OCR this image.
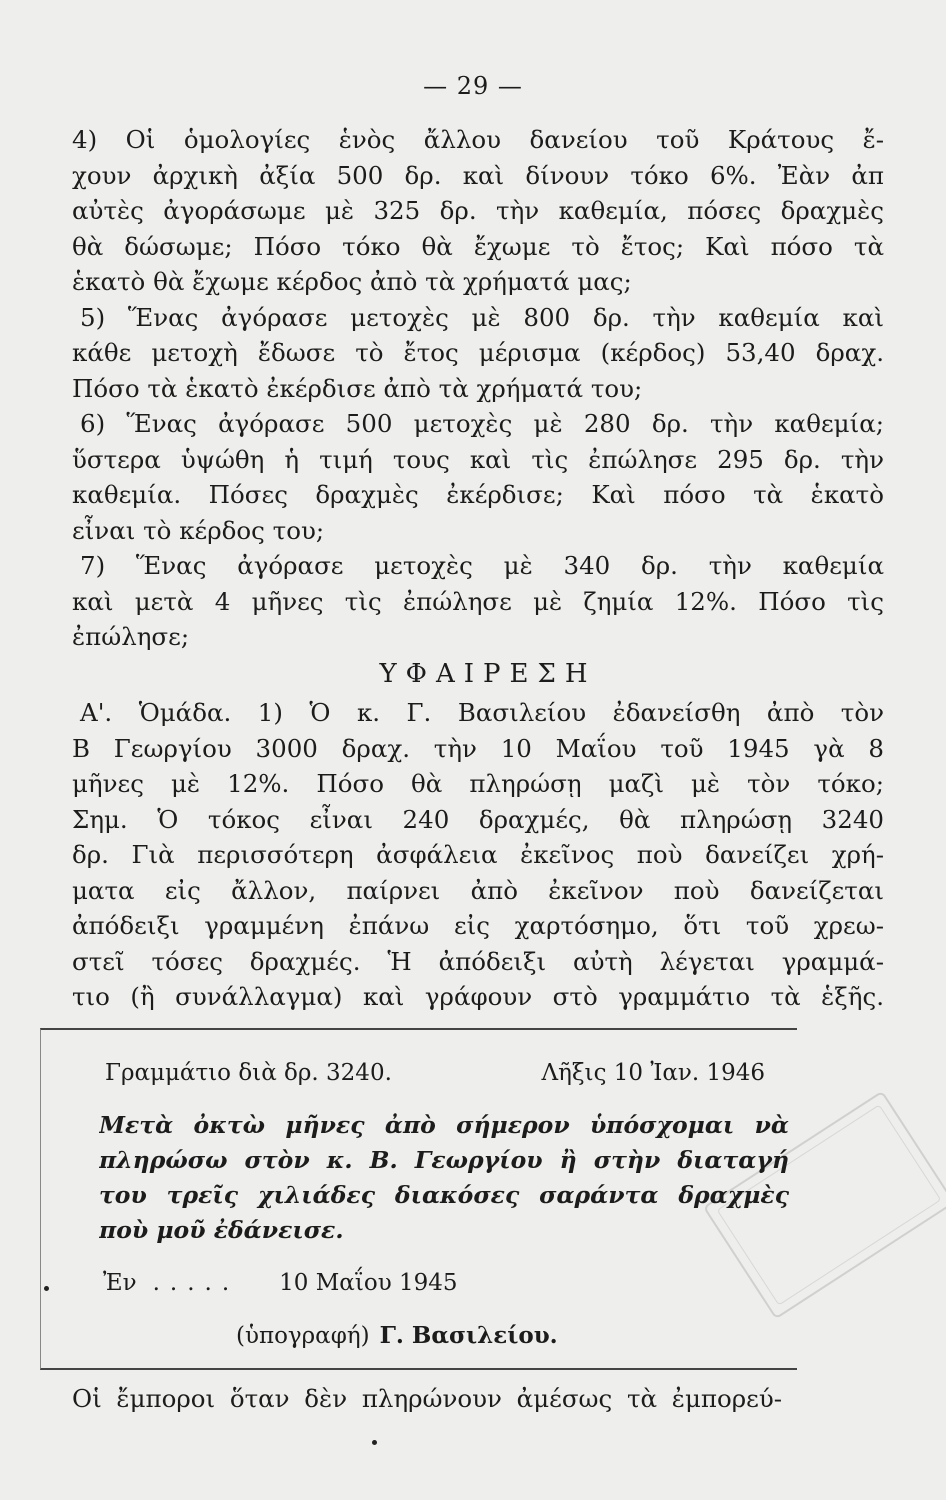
— 29 —
4) Οἱ ὁμολογίες ἑνὸς ἄλλου δανείου τοῦ Κράτους ἔ-
χουν ἀρχικὴ ἀξία 500 δρ. καὶ δίνουν τόκο 6%. Ἐὰν ἀπ
αὐτὲς ἀγοράσωμε μὲ 325 δρ. τὴν καθεμία, πόσες δραχμὲς
θὰ δώσωμε; Πόσο τόκο θὰ ἔχωμε τὸ ἔτος; Καὶ πόσο τὰ
ἑκατὸ θὰ ἔχωμε κέρδος ἀπὸ τὰ χρήματά μας;
5) Ἕνας ἀγόρασε μετοχὲς μὲ 800 δρ. τὴν καθεμία καὶ
κάθε μετοχὴ ἔδωσε τὸ ἔτος μέρισμα (κέρδος) 53,40 δραχ.
Πόσο τὰ ἑκατὸ ἐκέρδισε ἀπὸ τὰ χρήματά του;
6) Ἕνας ἀγόρασε 500 μετοχὲς μὲ 280 δρ. τὴν καθεμία;
ὕστερα ὑψώθη ἡ τιμή τους καὶ τὶς ἐπώλησε 295 δρ. τὴν
καθεμία. Πόσες δραχμὲς ἐκέρδισε; Καὶ πόσο τὰ ἑκατὸ
εἶναι τὸ κέρδος του;
7) Ἕνας ἀγόρασε μετοχὲς μὲ 340 δρ. τὴν καθεμία
καὶ μετὰ 4 μῆνες τὶς ἐπώλησε μὲ ζημία 12%. Πόσο τὶς
ἐπώλησε;
ΥΦΑΙΡΕΣΗ
Α'. Ὁμάδα. 1) Ὁ κ. Γ. Βασιλείου ἐδανείσθη ἀπὸ τὸν
Β Γεωργίου 3000 δραχ. τὴν 10 Μαΐου τοῦ 1945 γὰ 8
μῆνες μὲ 12%. Πόσο θὰ πληρώσῃ μαζὶ μὲ τὸν τόκο;
Σημ. Ὁ τόκος εἶναι 240 δραχμές, θὰ πληρώσῃ 3240
δρ. Γιὰ περισσότερη ἀσφάλεια ἐκεῖνος ποὺ δανείζει χρή-
ματα εἰς ἄλλον, παίρνει ἀπὸ ἐκεῖνον ποὺ δανείζεται
ἀπόδειξι γραμμένη ἐπάνω εἰς χαρτόσημο, ὅτι τοῦ χρεω-
στεῖ τόσες δραχμές. Ἡ ἀπόδειξι αὐτὴ λέγεται γραμμά-
τιο (ἢ συνάλλαγμα) καὶ γράφουν στὸ γραμμάτιο τὰ ἑξῆς.
Γραμμάτιο διὰ δρ. 3240.	Λῆξις 10 Ἰαν. 1946
Μετὰ ὀκτὼ μῆνες ἀπὸ σήμερον ὑπόσχομαι νὰ
πληρώσω στὸν κ. Β. Γεωργίου ἢ στὴν διαταγή
του τρεῖς χιλιάδες διακόσες σαράντα δραχμὲς
ποὺ μοῦ ἐδάνεισε.
Ἐν ..... 10 Μαΐου 1945
(ὑπογραφή) Γ. Βασιλείου.
Οἱ ἔμποροι ὅταν δὲν πληρώνουν ἀμέσως τὰ ἐμπορεύ-
